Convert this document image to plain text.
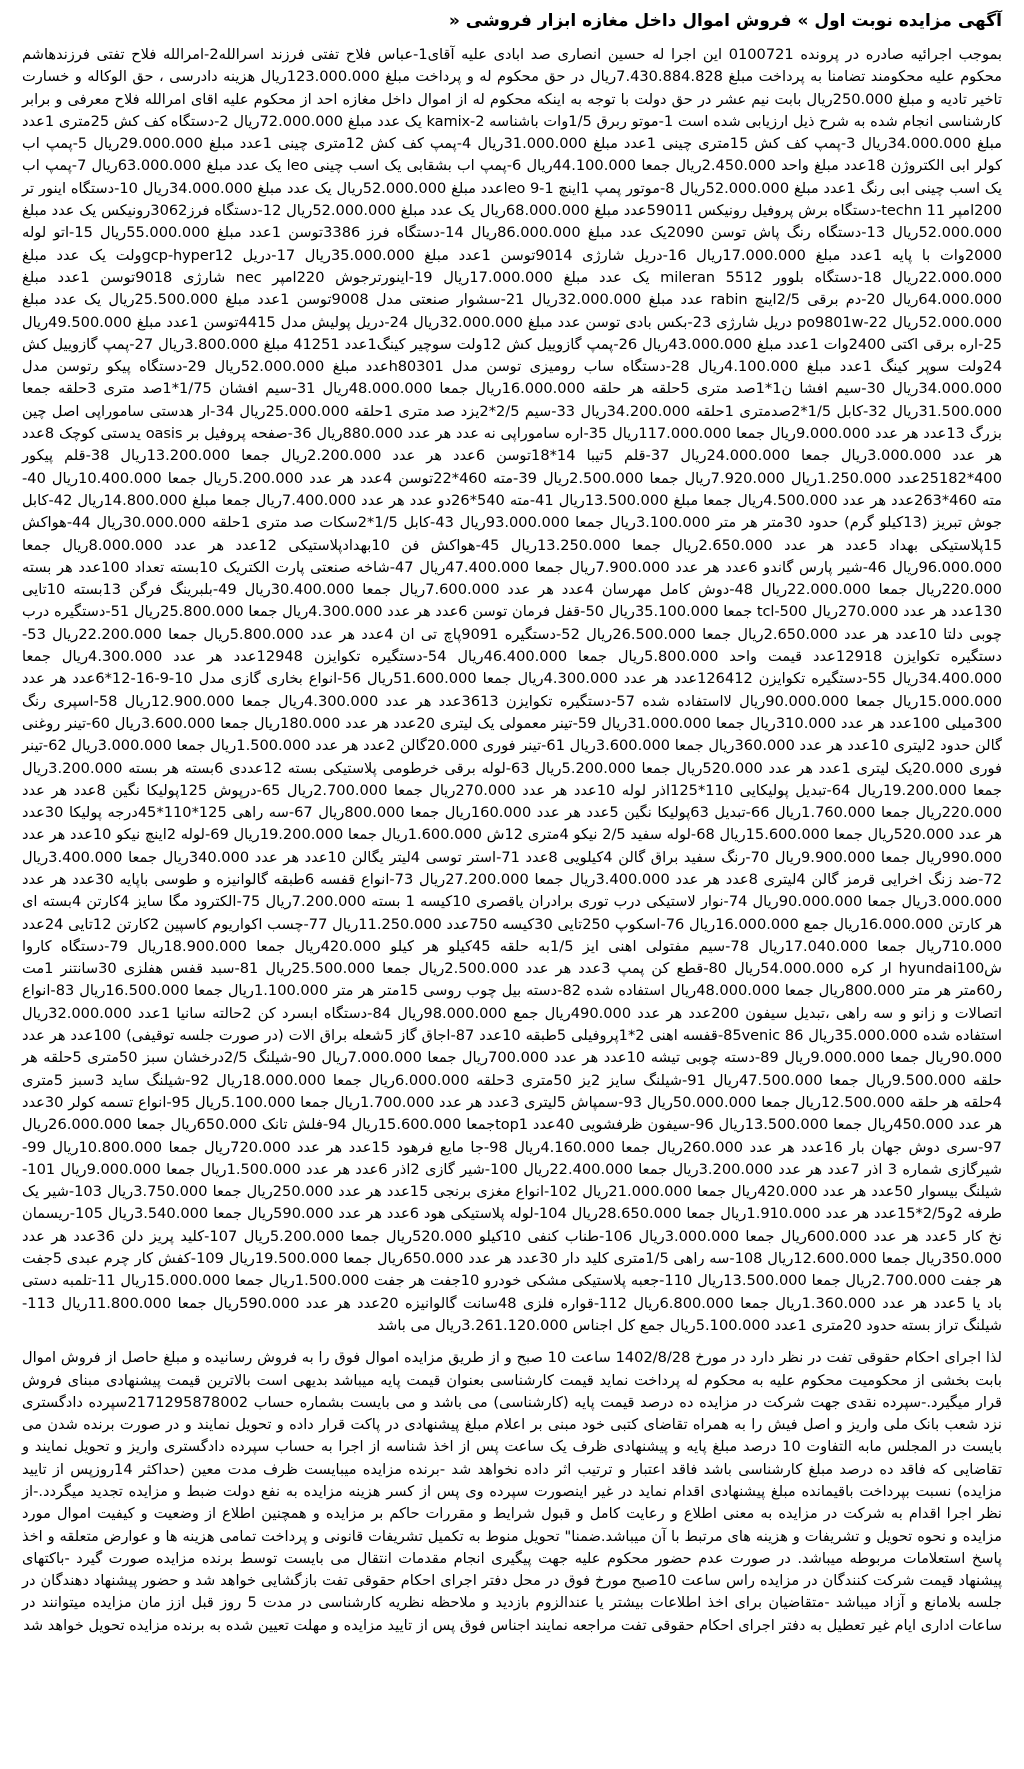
آگهی مزایده نوبت اول » فروش اموال داخل مغازه ابزار فروشی «

بموجب اجرائیه صادره در پرونده 0100721 این اجرا له حسین انصاری صد ابادی علیه آقای1-عباس فلاح تفتی فرزند اسرالله2-امرالله فلاح تفتی فرزندهاشم محکوم علیه محکومند تضامنا به پرداخت مبلغ 7.430.884.828ریال در حق محکوم له و پرداخت مبلغ 123.000.000ریال هزینه دادرسی ، حق الوکاله و خسارت تاخیر تادیه و مبلغ 250.000ریال بابت نیم عشر در حق دولت با توجه به اینکه محکوم له از اموال داخل مغازه احد از محکوم علیه اقای امرالله فلاح معرفی و برابر کارشناسی انجام شده به شرح ذیل ارزیابی شده است 1-موتو ربرق 1/5وات باشناسه kamix-2 یک عدد مبلغ 72.000.000ریال 2-دستگاه کف کش 25متری 1عدد مبلغ 34.000.000ریال 3-پمپ کف کش 15متری چینی 1عدد مبلغ 31.000.000ریال 4-پمپ کف کش 12متری چینی 1عدد مبلغ 29.000.000ریال 5-پمپ اب کولر ابی الکتروژن 18عدد مبلغ واحد 2.450.000ریال جمعا 44.100.000ریال 6-پمپ اب بشقابی یک اسب چینی leo یک عدد مبلغ 63.000.000ریال 7-پمپ اب یک اسب چینی ابی رنگ 1عدد مبلغ 52.000.000ریال 8-موتور پمپ 1اینچ leo 9-1عدد مبلغ 52.000.000ریال یک عدد مبلغ 34.000.000ریال 10-دستگاه اینور تر 200امپر techn 11-دستگاه برش پروفیل رونیکس 59011عدد مبلغ 68.000.000ریال یک عدد مبلغ 52.000.000ریال 12-دستگاه فرز3062رونیکس یک عدد مبلغ 52.000.000ریال 13-دستگاه رنگ پاش توسن 2090یک عدد مبلغ 86.000.000ریال 14-دستگاه فرز 3386توسن 1عدد مبلغ 55.000.000ریال 15-اتو لوله 2000وات با پایه 1عدد مبلغ 17.000.000ریال 16-دریل شارژی 9014توسن 1عدد مبلغ 35.000.000ریال 17-دریل gcp-hyper12ولت یک عدد مبلغ 22.000.000ریال 18-دستگاه بلوور 5512 mileran یک عدد مبلغ 17.000.000ریال 19-اینورترجوش 220امپر nec شارژی 9018توسن 1عدد مبلغ 64.000.000ریال 20-دم برقی 2/5اینچ rabin عدد مبلغ 32.000.000ریال 21-سشوار صنعتی مدل 9008توسن 1عدد مبلغ 25.500.000ریال یک عدد مبلغ 52.000.000ریال 22-po9801w دریل شارژی 23-بکس بادی توسن عدد مبلغ 32.000.000ریال 24-دریل پولیش مدل 4415توسن 1عدد مبلغ 49.500.000ریال 25-اره برقی اکتی 2400وات 1عدد مبلغ 43.000.000ریال 26-پمپ گازوییل کش 12ولت سوچیر کینگ1عدد 41251 مبلغ 3.800.000ریال 27-پمپ گازوییل کش 24ولت سوپر کینگ 1عدد مبلغ 4.100.000ریال 28-دستگاه ساب رومیزی توسن مدل h80301عدد مبلغ 52.000.000ریال 29-دستگاه پیکو رتوسن مدل 34.000.000ریال 30-سیم افشا ن1*1صد متری 5حلقه هر حلقه 16.000.000ریال جمعا 48.000.000ریال 31-سیم افشان 1/75*1صد متری 3حلقه جمعا 31.500.000ریال 32-کابل 1/5*2صدمتری 1حلقه 34.200.000ریال 33-سیم 2/5*2یزد صد متری 1حلقه 25.000.000ریال 34-ار هدستی ساموراپی اصل چین بزرگ 13عدد هر عدد 9.000.000ریال جمعا 117.000.000ریال 35-اره ساموراپی نه عدد هر عدد 880.000ریال 36-صفحه پروفیل بر oasis یدستی کوچک 8عدد هر عدد 3.000.000ریال جمعا 24.000.000ریال 37-قلم 5تیبا 14*18توسن 6عدد هر عدد 2.200.000ریال جمعا 13.200.000ریال 38-قلم پیکور 400*25182عدد 1.250.000ریال 7.920.000ریال جمعا 2.500.000ریال 39-مته 460*22توسن 4عدد هر عدد 5.200.000ریال جمعا 10.400.000ریال 40-مته 460*263عدد هر عدد 4.500.000ریال جمعا مبلغ 13.500.000ریال 41-مته 540*26دو عدد هر عدد 7.400.000ریال جمعا مبلغ 14.800.000ریال 42-کابل جوش تبریز (13کیلو گرم) حدود 30متر هر متر 3.100.000ریال جمعا 93.000.000ریال 43-کابل 1/5*2سکات صد متری 1حلقه 30.000.000ریال 44-هواکش 15پلاستیکی بهداد 5عدد هر عدد 2.650.000ریال جمعا 13.250.000ریال 45-هواکش فن 10بهدادپلاستیکی 12عدد هر عدد 8.000.000ریال جمعا 96.000.000ریال 46-شیر پارس گاندو 6عدد هر عدد 7.900.000ریال جمعا 47.400.000ریال 47-شاخه صنعتی پارت الکتریک 10بسته تعداد 100عدد هر بسته 220.000ریال جمعا 22.000.000ریال 48-دوش کامل مهرسان 4عدد هر عدد 7.600.000ریال جمعا 30.400.000ریال 49-بلبرینگ فرگن 13بسته 10تایی 130عدد هر عدد 270.000ریال tcl-500 جمعا 35.100.000ریال 50-قفل فرمان توسن 6عدد هر عدد 4.300.000ریال جمعا 25.800.000ریال 51-دستگیره درب چوبی دلتا 10عدد هر عدد 2.650.000ریال جمعا 26.500.000ریال 52-دستگیره 9091پاچ تی ان 4عدد هر عدد 5.800.000ریال جمعا 22.200.000ریال 53-دستگیره تکوایزن 12918عدد قیمت واحد 5.800.000ریال جمعا 46.400.000ریال 54-دستگیره تکوایزن 12948عدد هر عدد 4.300.000ریال جمعا 34.400.000ریال 55-دستگیره تکوایزن 126412عدد هر عدد 4.300.000ریال جمعا 51.600.000ریال 56-انواع بخاری گازی مدل 10-9-16-12*6عدد هر عدد 15.000.000ریال جمعا 90.000.000ریال لااستفاده شده 57-دستگیره تکوایزن 3613عدد هر عدد 4.300.000ریال جمعا 12.900.000ریال 58-اسپری رنگ 300میلی 100عدد هر عدد 310.000ریال جمعا 31.000.000ریال 59-تینر معمولی یک لیتری 20عدد هر عدد 180.000ریال جمعا 3.600.000ریال 60-تینر روغنی گالن حدود 2لیتری 10عدد هر عدد 360.000ریال جمعا 3.600.000ریال 61-تینر فوری 20.000گالن 2عدد هر عدد 1.500.000ریال جمعا 3.000.000ریال 62-تینر فوری 20.000یک لیتری 1عدد هر عدد 520.000ریال جمعا 5.200.000ریال 63-لوله برقی خرطومی پلاستیکی بسته 12عددی 6بسته هر بسته 3.200.000ریال جمعا 19.200.000ریال 64-تبدیل پولیکایی 110*125اذر لوله 10عدد هر عدد 270.000ریال جمعا 2.700.000ریال 65-درپوش 125پولیکا نگین 8عدد هر عدد 220.000ریال جمعا 1.760.000ریال 66-تبدیل 63پولیکا نگین 5عدد هر عدد 160.000ریال جمعا 800.000ریال 67-سه راهی 125*110*45درجه پولیکا 30عدد هر عدد 520.000ریال جمعا 15.600.000ریال 68-لوله سفید 2/5 نیکو 4متری 12ش 1.600.000ریال جمعا 19.200.000ریال 69-لوله 2اینچ نیکو 10عدد هر عدد 990.000ریال جمعا 9.900.000ریال 70-رنگ سفید براق گالن 4کیلویی 8عدد 71-استر توسی 4لیتر یگالن 10عدد هر عدد 340.000ریال جمعا 3.400.000ریال 72-ضد زنگ اخرایی قرمز گالن 4لیتری 8عدد هر عدد 3.400.000ریال جمعا 27.200.000ریال 73-انواع قفسه 6طبقه گالوانیزه و طوسی باپایه 30عدد هر عدد 3.000.000ریال جمعا 90.000.000ریال 74-نوار لاستیکی درب توری برادران یاقصری 10کیسه 1 بسته 7.200.000ریال 75-الکترود مگا سایز 4کارتن 4بسته ای هر کارتن 16.000.000ریال جمع 16.000.000ریال 76-اسکوپ 250تایی 30کیسه 750عدد 11.250.000ریال 77-چسب اکواریوم کاسپین 2کارتن 12تایی 24عدد 710.000ریال جمعا 17.040.000ریال 78-سیم مفتولی اهنی ایز 1/5به حلقه 45کیلو هر کیلو 420.000ریال جمعا 18.900.000ریال 79-دستگاه کاروا شhyundai100 ار کره 54.000.000ریال 80-قطع کن پمپ 3عدد هر عدد 2.500.000ریال جمعا 25.500.000ریال 81-سبد قفس هفلزی 30سانتنر 1مت ر60متر هر متر 800.000ریال جمعا 48.000.000ریال استفاده شده 82-دسته بیل چوب روسی 15متر هر متر 1.100.000ریال جمعا 16.500.000ریال 83-انواع اتصالات و زانو و سه راهی ،تبدیل سیفون 200عدد هر عدد 490.000ریال جمع 98.000.000ریال 84-دستگاه ابسرد کن 2حالته سانیا 1عدد 32.000.000ریال استفاده شده 35.000.000ریال 85venic 86-قفسه اهنی 2*1پروفیلی 5طبقه 10عدد 87-اجاق گاز 5شعله براق الات (در صورت جلسه توقیفی) 100عدد هر عدد 90.000ریال جمعا 9.000.000ریال 89-دسته چوبی تیشه 10عدد هر عدد 700.000ریال جمعا 7.000.000ریال 90-شیلنگ 2/5درخشان سبز 50متری 5حلقه هر حلقه 9.500.000ریال جمعا 47.500.000ریال 91-شیلنگ سایز 2یز 50متری 3حلقه 6.000.000ریال جمعا 18.000.000ریال 92-شیلنگ ساید 3سبز 5متری 4حلقه هر حلقه 12.500.000ریال جمعا 50.000.000ریال 93-سمپاش 5لیتری 3عدد هر عدد 1.700.000ریال جمعا 5.100.000ریال 95-انواع تسمه کولر 30عدد هر عدد 450.000ریال جمعا 13.500.000ریال 96-سیفون ظرفشویی 40عدد top1جمعا 15.600.000ریال 94-فلش تانک 650.000ریال جمعا 26.000.000ریال 97-سری دوش جهان بار 16عدد هر عدد 260.000ریال جمعا 4.160.000ریال 98-جا مایع فرهود 15عدد هر عدد 720.000ریال جمعا 10.800.000ریال 99-شیرگازی شماره 3 اذر 7عدد هر عدد 3.200.000ریال جمعا 22.400.000ریال 100-شیر گازی 2اذر 6عدد هر عدد 1.500.000ریال جمعا 9.000.000ریال 101-شیلنگ بیسوار 50عدد هر عدد 420.000ریال جمعا 21.000.000ریال 102-انواع مغزی برنجی 15عدد هر عدد 250.000ریال جمعا 3.750.000ریال 103-شیر یک طرفه 2و2/5*15عدد هر عدد 1.910.000ریال جمعا 28.650.000ریال 104-لوله پلاستیکی هود 6عدد هر عدد 590.000ریال جمعا 3.540.000ریال 105-ریسمان نخ کار 5عدد هر عدد 600.000ریال جمعا 3.000.000ریال 106-طناب کنفی 10کیلو 520.000ریال جمعا 5.200.000ریال 107-کلید پریز دلن 36عدد هر عدد 350.000ریال جمعا 12.600.000ریال 108-سه راهی 1/5متری کلید دار 30عدد هر عدد 650.000ریال جمعا 19.500.000ریال 109-کفش کار چرم عبدی 5جفت هر جفت 2.700.000ریال جمعا 13.500.000ریال 110-جعبه پلاستیکی مشکی خودرو 10جفت هر جفت 1.500.000ریال جمعا 15.000.000ریال 11-تلمبه دستی باد یا 5عدد هر عدد 1.360.000ریال جمعا 6.800.000ریال 112-قواره فلزی 48سانت گالوانیزه 20عدد هر عدد 590.000ریال جمعا 11.800.000ریال 113-شیلنگ تراز بسته حدود 20متری 1عدد 5.100.000ریال جمع کل اجناس 3.261.120.000ریال می باشد

لذا اجرای احکام حقوقی تفت در نظر دارد در مورخ 1402/8/28 ساعت 10 صبح و از طریق مزایده اموال فوق را به فروش رسانیده و مبلغ حاصل از فروش اموال بابت بخشی از محکومیت محکوم علیه به محکوم له پرداخت نماید قیمت کارشناسی بعنوان قیمت پایه میباشد بدیهی است بالاترین قیمت پیشنهادی مبنای فروش قرار میگیرد.-سپرده نقدی جهت شرکت در مزایده ده درصد قیمت پایه (کارشناسی) می باشد و می بایست بشماره حساب 2171295878002سپرده دادگستری نزد شعب بانک ملی واریز و اصل فیش را به همراه تقاضای کتبی خود مبنی بر اعلام مبلغ پیشنهادی در پاکت قرار داده و تحویل نمایند و در صورت برنده شدن می بایست در المجلس مابه التفاوت 10 درصد مبلغ پایه و پیشنهادی ظرف یک ساعت پس از اخذ شناسه از اجرا به حساب سپرده دادگستری واریز و تحویل نمایند و تقاضایی که فاقد ده درصد مبلغ کارشناسی باشد فاقد اعتبار و ترتیب اثر داده نخواهد شد -برنده مزایده میبایست ظرف مدت معین (حداکثر 14روزپس از تایید مزایده) نسبت بپرداخت باقیمانده مبلغ پیشنهادی اقدام نماید در غیر اینصورت سپرده وی پس از کسر هزینه مزایده به نفع دولت ضبط و مزایده تجدید میگردد.-از نظر اجرا اقدام به شرکت در مزایده به معنی اطلاع و رعایت کامل و قبول شرایط و مقررات حاکم بر مزایده و همچنین اطلاع از وضعیت و کیفیت اموال مورد مزایده و نحوه تحویل و تشریفات و هزینه های مرتبط با آن میباشد.ضمنا" تحویل منوط به تکمیل تشریفات قانونی و پرداخت تمامی هزینه ها و عوارض متعلقه و اخذ پاسخ استعلامات مربوطه میباشد. در صورت عدم حضور محکوم علیه جهت پیگیری انجام مقدمات انتقال می بایست توسط برنده مزایده صورت گیرد -باکتهای پیشنهاد قیمت شرکت کنندگان در مزایده راس ساعت 10صبح مورخ فوق در محل دفتر اجرای احکام حقوقی تفت بازگشایی خواهد شد و حضور پیشنهاد دهندگان در جلسه بلامانع و آزاد میباشد -متقاضیان برای اخذ اطلاعات بیشتر یا عندالزوم بازدید و ملاحظه نظریه کارشناسی در مدت 5 روز قبل ازز مان مزایده میتوانند در ساعات اداری ایام غیر تعطیل به دفتر اجرای احکام حقوقی تفت مراجعه نمایند اجناس فوق پس از تایید مزایده و مهلت تعیین شده به برنده مزایده تحویل خواهد شد
